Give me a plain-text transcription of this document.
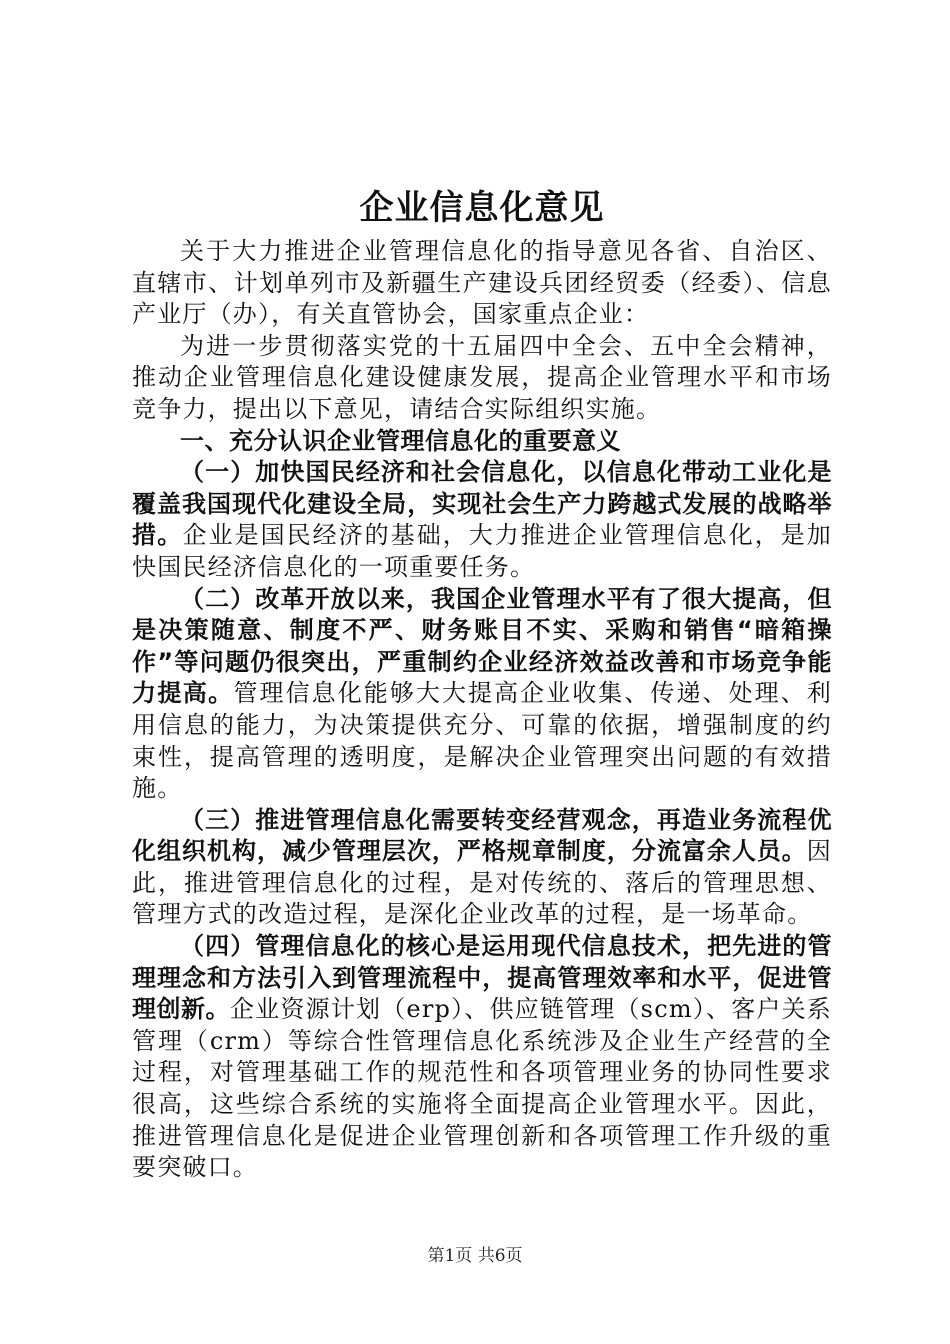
企业信息化意见

关于大力推进企业管理信息化的指导意见各省、自治区、直辖市、计划单列市及新疆生产建设兵团经贸委（经委）、信息产业厅（办），有关直管协会，国家重点企业：

为进一步贯彻落实党的十五届四中全会、五中全会精神，推动企业管理信息化建设健康发展，提高企业管理水平和市场竞争力，提出以下意见，请结合实际组织实施。

一、充分认识企业管理信息化的重要意义

（一）加快国民经济和社会信息化，以信息化带动工业化是覆盖我国现代化建设全局，实现社会生产力跨越式发展的战略举措。企业是国民经济的基础，大力推进企业管理信息化，是加快国民经济信息化的一项重要任务。

（二）改革开放以来，我国企业管理水平有了很大提高，但是决策随意、制度不严、财务账目不实、采购和销售“暗箱操作”等问题仍很突出，严重制约企业经济效益改善和市场竞争能力提高。管理信息化能够大大提高企业收集、传递、处理、利用信息的能力，为决策提供充分、可靠的依据，增强制度的约束性，提高管理的透明度，是解决企业管理突出问题的有效措施。

（三）推进管理信息化需要转变经营观念，再造业务流程优化组织机构，减少管理层次，严格规章制度，分流富余人员。因此，推进管理信息化的过程，是对传统的、落后的管理思想、管理方式的改造过程，是深化企业改革的过程，是一场革命。

（四）管理信息化的核心是运用现代信息技术，把先进的管理理念和方法引入到管理流程中，提高管理效率和水平，促进管理创新。企业资源计划（erp）、供应链管理（scm）、客户关系管理（crm）等综合性管理信息化系统涉及企业生产经营的全过程，对管理基础工作的规范性和各项管理业务的协同性要求很高，这些综合系统的实施将全面提高企业管理水平。因此，推进管理信息化是促进企业管理创新和各项管理工作升级的重要突破口。

第1页 共6页
